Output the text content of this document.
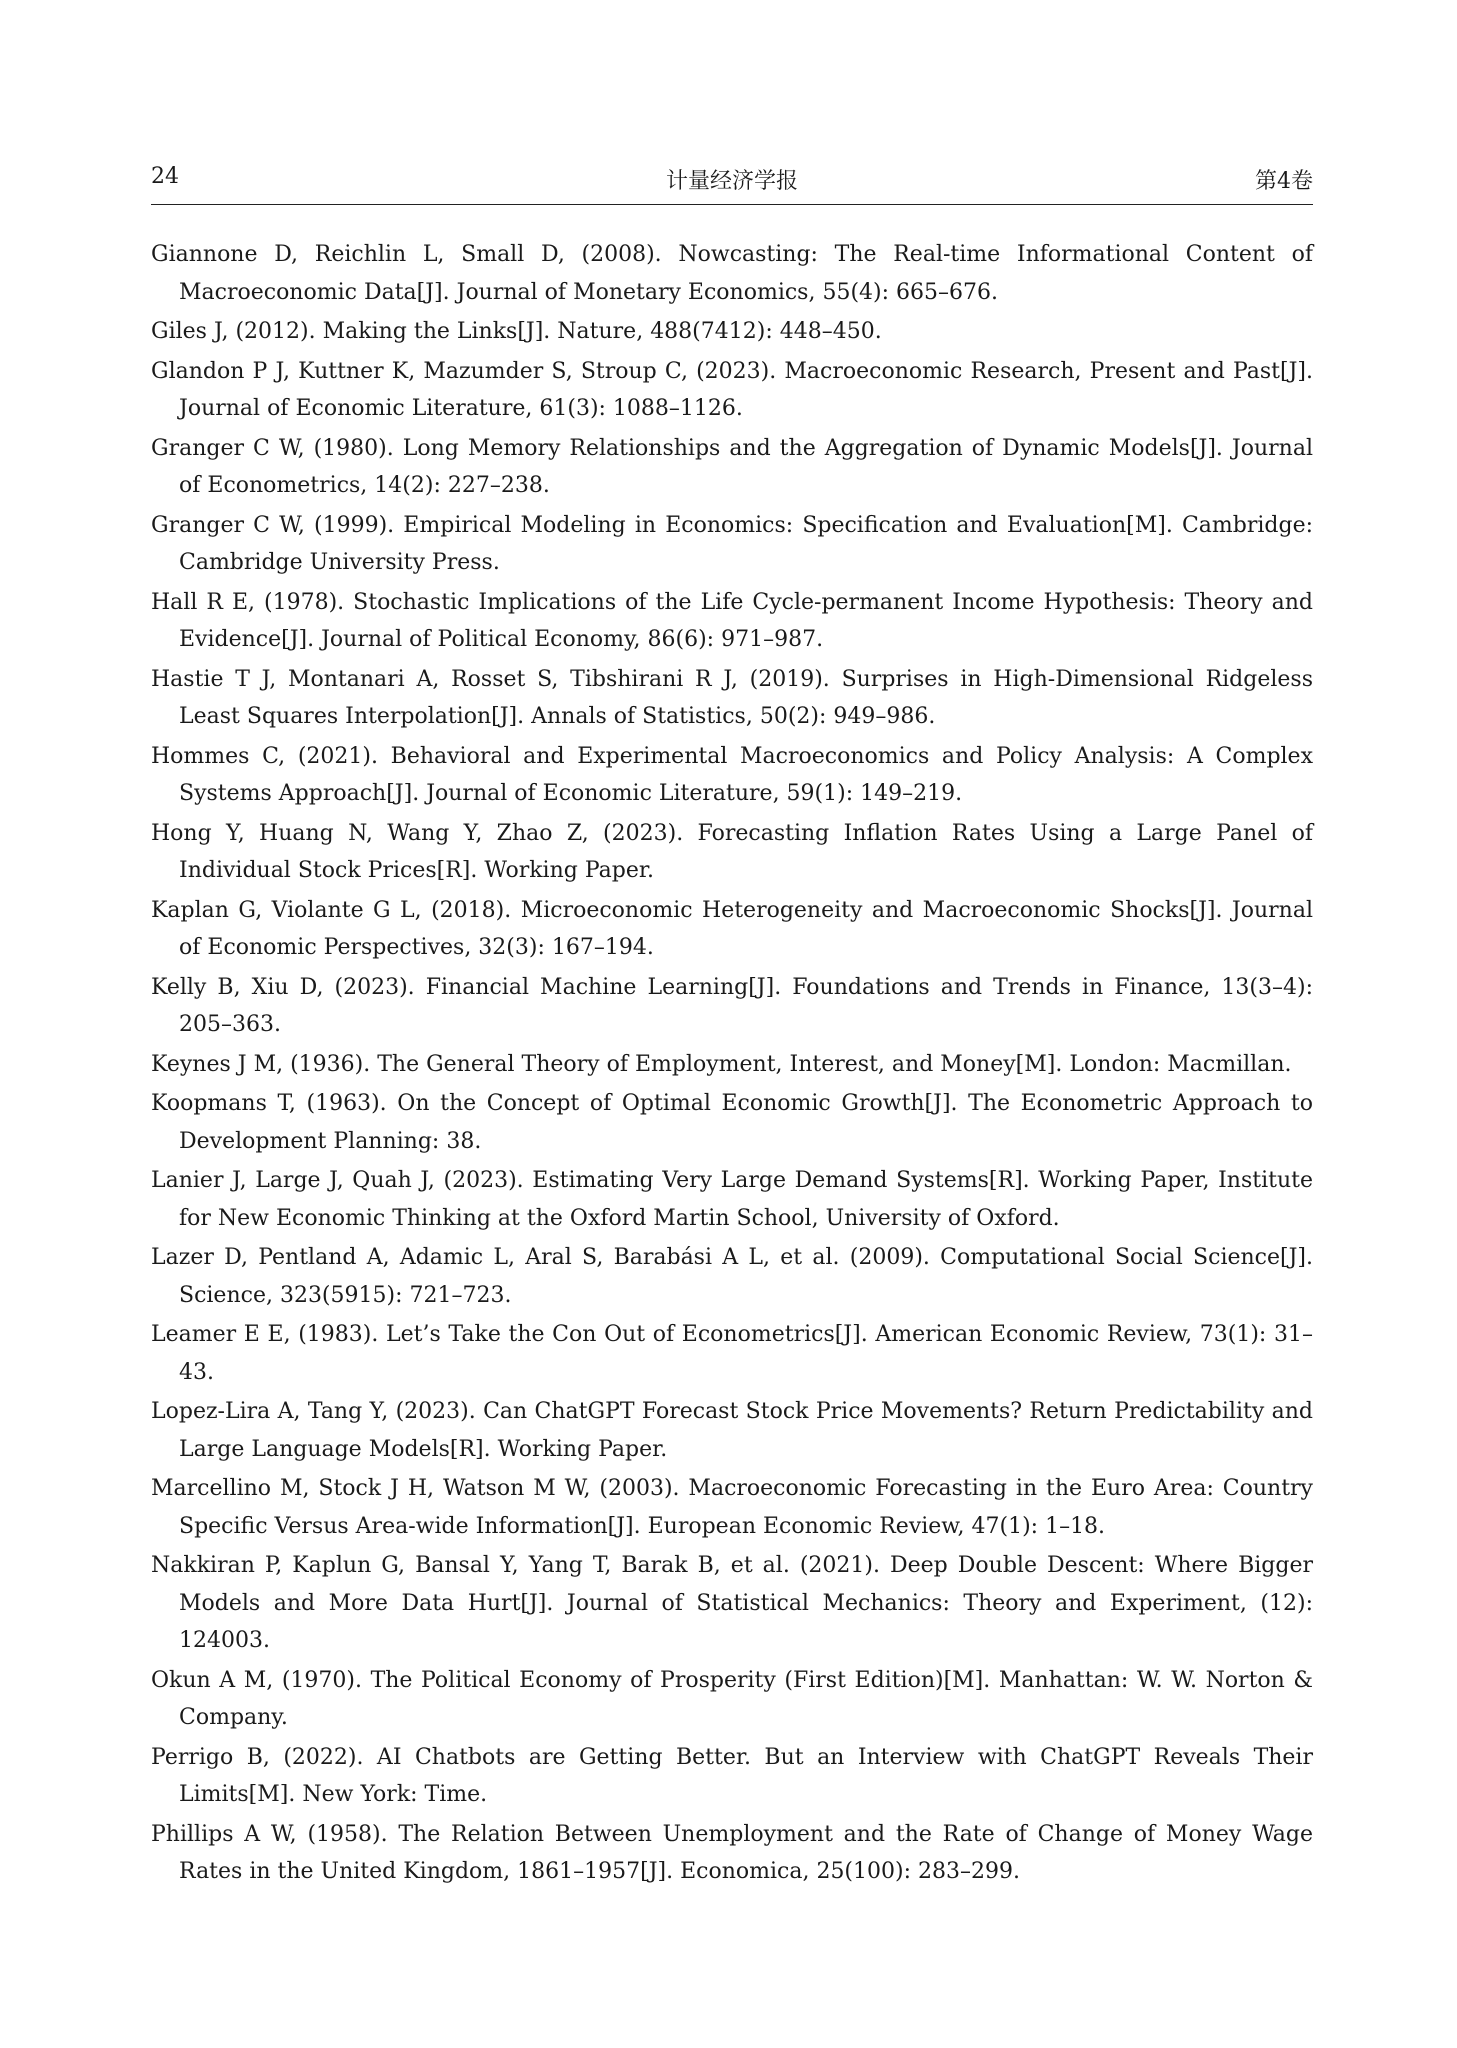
24	计量经济学报	第4卷
Giannone D, Reichlin L, Small D, (2008). Nowcasting: The Real-time Informational Content of Macroeconomic Data[J]. Journal of Monetary Economics, 55(4): 665–676.
Giles J, (2012). Making the Links[J]. Nature, 488(7412): 448–450.
Glandon P J, Kuttner K, Mazumder S, Stroup C, (2023). Macroeconomic Research, Present and Past[J]. Journal of Economic Literature, 61(3): 1088–1126.
Granger C W, (1980). Long Memory Relationships and the Aggregation of Dynamic Models[J]. Journal of Econometrics, 14(2): 227–238.
Granger C W, (1999). Empirical Modeling in Economics: Specification and Evaluation[M]. Cambridge: Cambridge University Press.
Hall R E, (1978). Stochastic Implications of the Life Cycle-permanent Income Hypothesis: Theory and Evidence[J]. Journal of Political Economy, 86(6): 971–987.
Hastie T J, Montanari A, Rosset S, Tibshirani R J, (2019). Surprises in High-Dimensional Ridgeless Least Squares Interpolation[J]. Annals of Statistics, 50(2): 949–986.
Hommes C, (2021). Behavioral and Experimental Macroeconomics and Policy Analysis: A Complex Systems Approach[J]. Journal of Economic Literature, 59(1): 149–219.
Hong Y, Huang N, Wang Y, Zhao Z, (2023). Forecasting Inflation Rates Using a Large Panel of Individual Stock Prices[R]. Working Paper.
Kaplan G, Violante G L, (2018). Microeconomic Heterogeneity and Macroeconomic Shocks[J]. Journal of Economic Perspectives, 32(3): 167–194.
Kelly B, Xiu D, (2023). Financial Machine Learning[J]. Foundations and Trends in Finance, 13(3–4): 205–363.
Keynes J M, (1936). The General Theory of Employment, Interest, and Money[M]. London: Macmillan.
Koopmans T, (1963). On the Concept of Optimal Economic Growth[J]. The Econometric Approach to Development Planning: 38.
Lanier J, Large J, Quah J, (2023). Estimating Very Large Demand Systems[R]. Working Paper, Institute for New Economic Thinking at the Oxford Martin School, University of Oxford.
Lazer D, Pentland A, Adamic L, Aral S, Barabási A L, et al. (2009). Computational Social Science[J]. Science, 323(5915): 721–723.
Leamer E E, (1983). Let’s Take the Con Out of Econometrics[J]. American Economic Review, 73(1): 31–43.
Lopez-Lira A, Tang Y, (2023). Can ChatGPT Forecast Stock Price Movements? Return Predictability and Large Language Models[R]. Working Paper.
Marcellino M, Stock J H, Watson M W, (2003). Macroeconomic Forecasting in the Euro Area: Country Specific Versus Area-wide Information[J]. European Economic Review, 47(1): 1–18.
Nakkiran P, Kaplun G, Bansal Y, Yang T, Barak B, et al. (2021). Deep Double Descent: Where Bigger Models and More Data Hurt[J]. Journal of Statistical Mechanics: Theory and Experiment, (12): 124003.
Okun A M, (1970). The Political Economy of Prosperity (First Edition)[M]. Manhattan: W. W. Norton & Company.
Perrigo B, (2022). AI Chatbots are Getting Better. But an Interview with ChatGPT Reveals Their Limits[M]. New York: Time.
Phillips A W, (1958). The Relation Between Unemployment and the Rate of Change of Money Wage Rates in the United Kingdom, 1861–1957[J]. Economica, 25(100): 283–299.
